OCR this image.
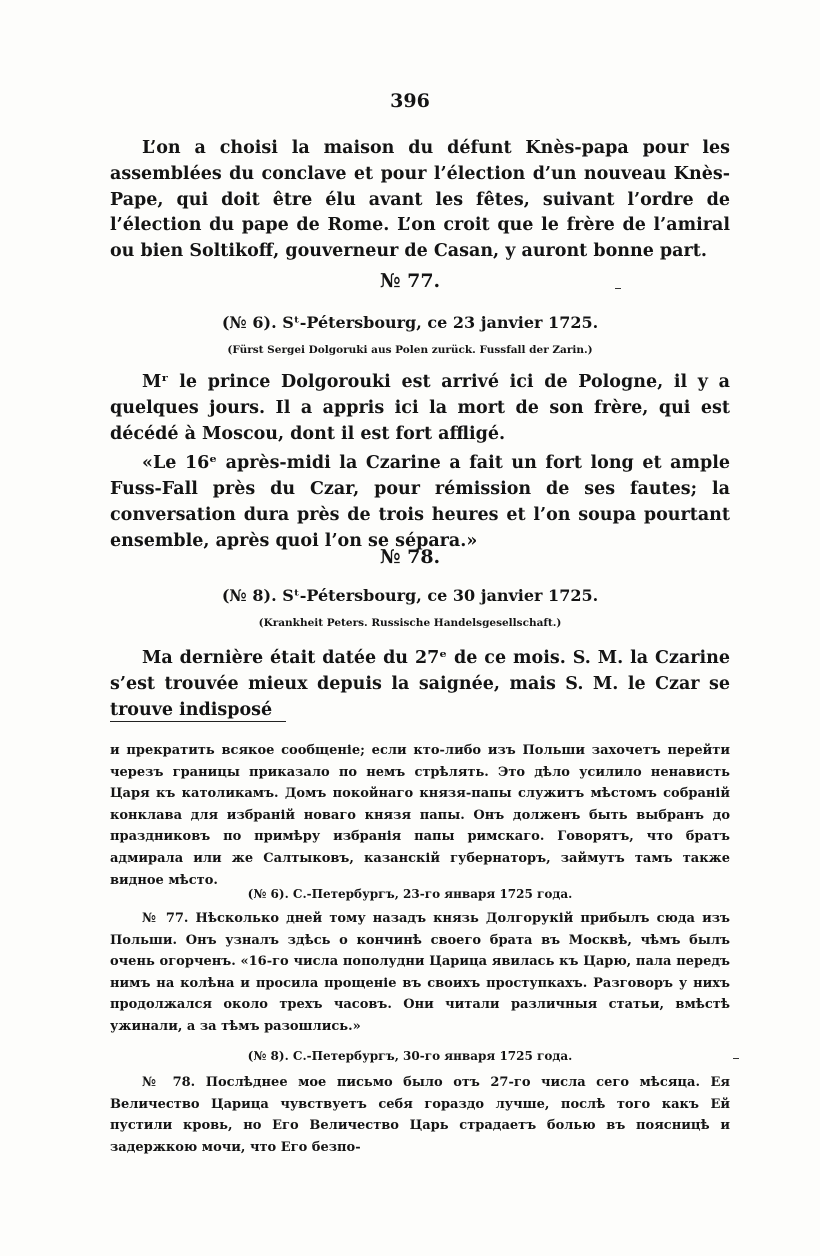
396

L’on a choisi la maison du défunt Knès-papa pour les assemblées du conclave et pour l’élection d’un nouveau Knès-Pape, qui doit être élu avant les fêtes, suivant l’ordre de l’élection du pape de Rome. L’on croit que le frère de l’amiral ou bien Soltikoff, gouverneur de Casan, y auront bonne part.

№ 77.
(№ 6). Sᵗ-Pétersbourg, ce 23 janvier 1725.
(Fürst Sergei Dolgoruki aus Polen zurück. Fussfall der Zarin.)

Mʳ le prince Dolgorouki est arrivé ici de Pologne, il y a quelques jours. Il a appris ici la mort de son frère, qui est décédé à Moscou, dont il est fort affligé.

«Le 16ᵉ après-midi la Czarine a fait un fort long et ample Fuss-Fall près du Czar, pour rémission de ses fautes; la conversation dura près de trois heures et l’on soupa pourtant ensemble, après quoi l’on se sépara.»

№ 78.
(№ 8). Sᵗ-Pétersbourg, ce 30 janvier 1725.
(Krankheit Peters. Russische Handelsgesellschaft.)

Ma dernière était datée du 27ᵉ de ce mois. S. M. la Czarine s’est trouvée mieux depuis la saignée, mais S. M. le Czar se trouve indisposé

и прекратить всякое сообщеніе; если кто-либо изъ Польши захочетъ перейти черезъ границы приказало по немъ стрѣлять. Это дѣло усилило ненависть Царя къ католикамъ. Домъ покойнаго князя-папы служитъ мѣстомъ собраній конклава для избраній новаго князя папы. Онъ долженъ быть выбранъ до праздниковъ по примѣру избранія папы римскаго. Говорятъ, что братъ адмирала или же Салтыковъ, казанскій губернаторъ, займутъ тамъ также видное мѣсто.

(№ 6). С.-Петербургъ, 23-го января 1725 года.

№ 77. Нѣсколько дней тому назадъ князь Долгорукій прибылъ сюда изъ Польши. Онъ узналъ здѣсь о кончинѣ своего брата въ Москвѣ, чѣмъ былъ очень огорченъ. «16-го числа пополудни Царица явилась къ Царю, пала передъ нимъ на колѣна и просила прощеніе въ своихъ проступкахъ. Разговоръ у нихъ продолжался около трехъ часовъ. Они читали различныя статьи, вмѣстѣ ужинали, а за тѣмъ разошлись.»

(№ 8). С.-Петербургъ, 30-го января 1725 года.

№ 78. Послѣднее мое письмо было отъ 27-го числа сего мѣсяца. Ея Величество Царица чувствуетъ себя гораздо лучше, послѣ того какъ Ей пустили кровь, но Его Величество Царь страдаетъ болью въ поясницѣ и задержкою мочи, что Его безпо-
